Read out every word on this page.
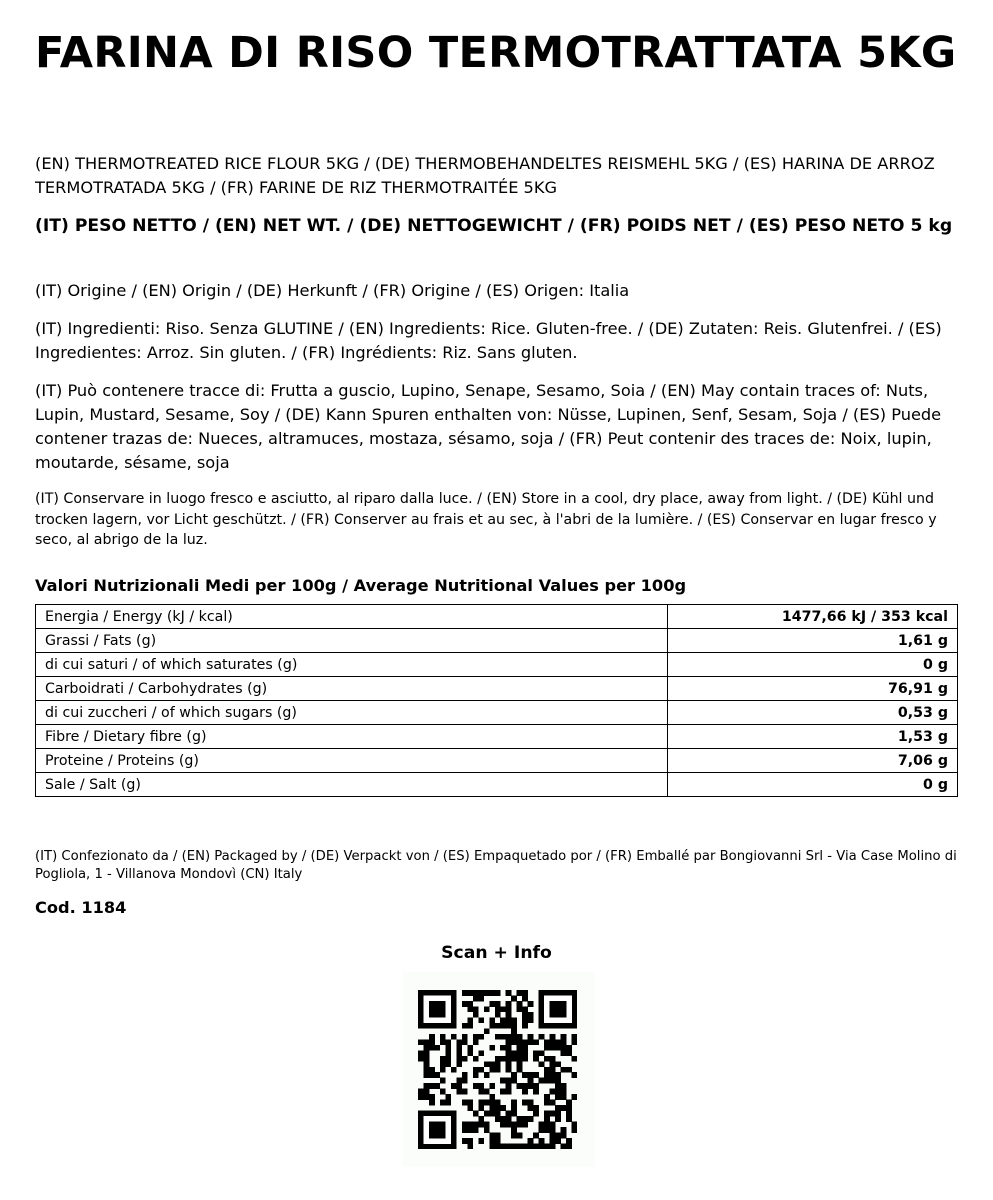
FARINA DI RISO TERMOTRATTATA 5KG

(EN) THERMOTREATED RICE FLOUR 5KG / (DE) THERMOBEHANDELTES REISMEHL 5KG / (ES) HARINA DE ARROZ TERMOTRATADA 5KG / (FR) FARINE DE RIZ THERMOTRAITÉE 5KG

(IT) PESO NETTO / (EN) NET WT. / (DE) NETTOGEWICHT / (FR) POIDS NET / (ES) PESO NETO 5 kg

(IT) Origine / (EN) Origin / (DE) Herkunft / (FR) Origine / (ES) Origen: Italia

(IT) Ingredienti: Riso. Senza GLUTINE / (EN) Ingredients: Rice. Gluten-free. / (DE) Zutaten: Reis. Glutenfrei. / (ES) Ingredientes: Arroz. Sin gluten. / (FR) Ingrédients: Riz. Sans gluten.

(IT) Può contenere tracce di: Frutta a guscio, Lupino, Senape, Sesamo, Soia / (EN) May contain traces of: Nuts, Lupin, Mustard, Sesame, Soy / (DE) Kann Spuren enthalten von: Nüsse, Lupinen, Senf, Sesam, Soja / (ES) Puede contener trazas de: Nueces, altramuces, mostaza, sésamo, soja / (FR) Peut contenir des traces de: Noix, lupin, moutarde, sésame, soja

(IT) Conservare in luogo fresco e asciutto, al riparo dalla luce. / (EN) Store in a cool, dry place, away from light. / (DE) Kühl und trocken lagern, vor Licht geschützt. / (FR) Conserver au frais et au sec, à l'abri de la lumière. / (ES) Conservar en lugar fresco y seco, al abrigo de la luz.

Valori Nutrizionali Medi per 100g / Average Nutritional Values per 100g

Energia / Energy (kJ / kcal)	1477,66 kJ / 353 kcal
Grassi / Fats (g)	1,61 g
di cui saturi / of which saturates (g)	0 g
Carboidrati / Carbohydrates (g)	76,91 g
di cui zuccheri / of which sugars (g)	0,53 g
Fibre / Dietary fibre (g)	1,53 g
Proteine / Proteins (g)	7,06 g
Sale / Salt (g)	0 g

(IT) Confezionato da / (EN) Packaged by / (DE) Verpackt von / (ES) Empaquetado por / (FR) Emballé par Bongiovanni Srl - Via Case Molino di Pogliola, 1 - Villanova Mondovì (CN) Italy

Cod. 1184

Scan + Info
